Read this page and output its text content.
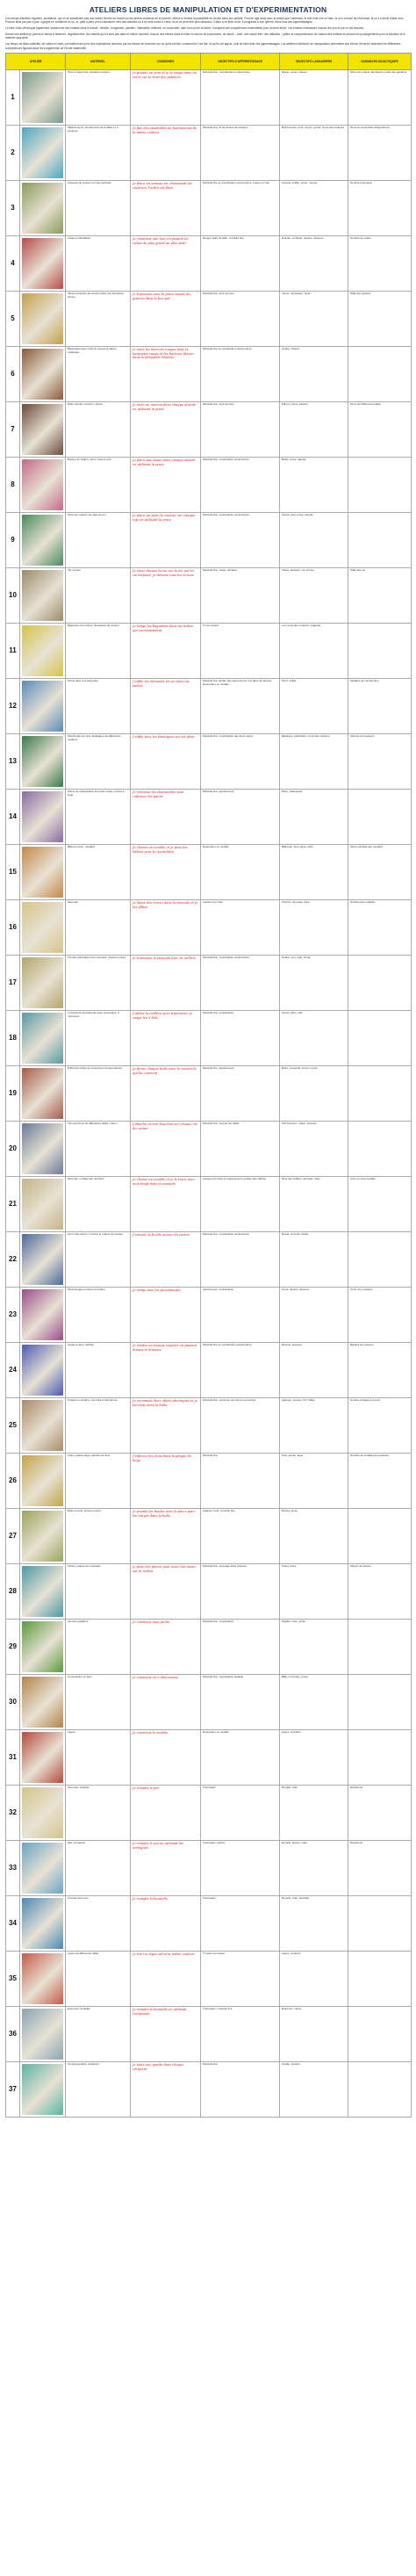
ATELIERS LIBRES DE MANIPULATION ET D'EXPERIMENTATION

Ces temps d'ateliers réguliers, quotidiens, qui ne se substituent pas aux autres formes de travail sur les autres moments de la journée, offrent à l'enfant la possibilité de choisir dans son activité. Pouvoir agir alors avec le travail que l'intéresse, le suit s'est une si l'aise, là où il a envie de l'entraîner, là où il a envie d'aller seul. Pouvoir ainsi par pas à pas, il gagne en confiance en lui, et, petit à petit, peut s'aventurer vers des activités où il se sent moins à l'aise, là où ce peut être plus laborieux. Grâce à ce libre choix, il progresse à son rythme, dans tous ses apprentissages.

Le libre choix développe également l'autonomie des enfants dans le travail : décider, s'organiser, planifier, l'intensifier, réfléchir, se concentrer, aller au bout de la tâche. Il acquiert des compétences essentielles pour devenir élève. Les enfants choisissent chacun leur jeu et par un les besoins.

Durant ces ateliers je prends le temps d'observer, régulièrement, les enfants qui ne sont pas dans le même moment, chacun des élèves dans le mise en œuvre de procédures, de savoir – faire, des savoir-être, des attitudes ; j'affine la compréhension de chacun des enfants et prévois les prolongements pour la situation et le matériel approprié.

Les temps de bilan collectifs, de mises en mots, permettent aux jeux des explications données par les élèves de recentrer sur ce qu'ils ont fait, comment ils l'ont fait, ce qu'ils ont appris, puis de faire avec les apprentissages. Les ateliers individuels de manipulation permettent aux élèves d'exercer aisément les différentes compétences figurant dans les programmes de l'école maternelle.

ATELIER		MATERIEL	CONSIGNES	OBJECTIFS D'APPRENTISSAGE	OBJECTIFS LANGAGIERS	VARIABLES DIDACTIQUES
1		Pions à tiges bois. Gobelets couleur	Je prends un pion et je la range dans un verre sur le bord des gobelets	Motricité fine. Coordination oculomotrice	Placer, poser, enlever	Pions de couleur identiques à celle des gobelets
2		Matériel de tri, bonhommes de 3 tailles et 3 couleurs	Je fais des ensembles de bonhommes de la même couleur	Motricité fine, tri de formes de couleurs	Bonhommes, petit, moyen, grand, noms des couleurs	Noms et ensembles d'algorithmes
3		Anneaux de couleur sur tige verticale	Je place un anneau en choisissant les couleurs, l'ordre est libre	Motricité fine et coordination oculomotrice, repérer et trier	Anneau, enfiler, entrer, monter	Nombre d'anneaux
4		Cubes emboîtables	Je construis une tour en posant les cubes de plus grand au plus petit	Ranger selon la taille, motricité fine	Empiler, emboîter, dessus, dessous	Nombre de cubes
5		Vases compotes de couleur dans une barquette, pinces	Je transvase avec la pince toutes les graines dans le bon pot	Motricité fine, tenir la pince	Verser, transvaser, pince	Taille des graines
6		Barquettes avec haricots rouges et blancs mélangés	Je mets les haricots rouges dans la barquette rouge et les haricots blancs dans la barquette blanche	Motricité fine et coordination oculomotrice	Graine, haricot	
7		Boîte d'œufs, marrons, pinces	Je mets un marron dans chaque alvéole en utilisant la pince	Motricité fine, tenir la pince	Marron, pince, alvéole	Pince de différentes tailles
8		Boules de cotillon, pince, boîte à œuf	Je place une boule dans chaque alvéole en utilisant la pince	Motricité fine, coordination oculomotrice	Boule, pince, alvéole	
9		Pions de couleur sur tiges de jeu	Je place un pion de couleur sur chaque tige en utilisant la pince	Motricité fine, coordination oculomotrice	Grand, petit, pince, alvéole	
10		Vis, écrous	Je visse chaque écrou sur la vis qui lui correspond. Je dévisse tous les écrous	Motricité fine, visser, dévisser	Visser, dévisser, vis, écrous	Taille des vis
11		Baguettes de couleur, barquettes de couleur	Je range les baguettes dans les boîtes qui correspondent	Tri de couleur	Les noms des couleurs, baguette	
12		Picots dans une barquette	J'enfile les éléments les un dans les autres	Motricité fine (enfiler des éléments les uns dans les autres). Reproduire un modèle	Picot, enfiler	Modèles de construction
13		Planchettes de bois, élastiques de différentes couleurs	J'enfile tous les élastiques sur les plots	Motricité fine, coordination des deux mains	Élastique, planchette, noms des couleurs	Alterner les couleurs
14		Paires de chaussettes de toutes sortes, pinces à linge	Je retrouve les chaussettes pour reformer les paires	Motricité fine, appariement	Paire, chaussette	
15		Bâtons et lien, modèles	Je choisis un modèle et je pose les bâtons pour le reproduire	Reproduire un modèle	Bâtonnet, bout, ligne, entre	Varier l'échelle des modèles
16		Semoule	Je laisse des traces dans la semoule et je les efface	Laisser une trace	Chemin, semoule, trace	Nombre des modèles
17		2 boîtes identiques avec semoule, grosses pinces	Je transvase la semoule avec la cuillère	Motricité fine, coordination oculomotrice	Graine, trou, pain, chose	
18		3 récipients transparents avec couvercles, 3 morceaux	J'utilise la cuillère pour transvaser, je range les 3 bols	Motricité fine, coordination	Verser, plein, vide	
19		Différents boîtes et couvercles correspondants	Je ferme chaque boîte avec le couvercle qui lui convient	Motricité fine, appariement	Boîte, couvercle, fermer, ouvrir	
20		Tire-bouchons de différentes tailles, carton	J'attache un tire-bouchon sur chaque vis du carton	Motricité fine, repérer les tailles	Tire-bouchon, visser, dévisser	
21		Semoule, modèle des numéros	Je choisis un modèle et je le trace avec mon doigt dans la semoule	Laisser une trace et représenter le graphe des chiffres	Nom des chiffres, semoule, trace	Avec ou sans modèle
22		Gros tube carton, 2 carrés et rubans de couleur	J'enroule la ficelle autour du carton	Motricité fine, coordination oculomotrice	Nœud, enrouler, ficelle	
23		Personnages porteurs à couleur	Je range tous les personnages	Appariement, coordination	Lacet, dessus, dessous	Choix des couleurs
24		Cartes à lacer, bandes	Je réalise un tissage régulier en passant dessus et dessous	Motricité fine et coordination oculomotrice	Dessus, dessous	Bandes de couleurs
25		8 objets en double, une boîte à fond fermé	Je reconnais deux objets identiques et je les mets dans la boîte	Motricité fine, percevoir une forme au toucher	Appuyer, presser, fort, faible	Nombre d'objets à trouver
26		Clous, plaque liège, planche de bois	J'enfonce les clous dans la plaque de liège	Motricité fine	Clou, pointe, taper	Nombre de modèles à reproduire
27		Boîte à œufs, pinces à sucre	Je prends les boules avec la pince pour les ranger dans la boîte	Adapter l'outil, motricité fine	Boules, pince	
28		Fiches, plaque de mosaïque	Je pose des pièces pour avoir des vases sur le carton	Motricité fine, repérage dans l'espace	Poser, pièce	Aligner les pièces
29		Jeu des papillons	Je construis mon jardin	Motricité fine, coordination	Papillon, fleur, jardin	
30		Construction en bois	Je construis en 3 dimensions	Motricité fine, organisation spatiale	Bâtir, construire, poser	
31		Légos	Je construis le modèle	Reproduire un modèle	Légos, emboîter	
32		Semoule, récipient	Je remplis le pot	Transvaser	Remplir, vider	Récipients
33		Eau, seringues	Je remplis le pot en utilisant les seringues	Transvaser, aspirer	Remplir, aspirer, vider	Récipients
34		Cuvette avec eau	Je remplis la bouteille	Transvaser	Remplir, vider, bouteille	
35		Légos de différentes tailles	Je trie les légos selon la même couleur	Tri selon la couleur	Légos, couleurs	
36		Entonnoir, bouteille	Je remplis la bouteille en utilisant l'entonnoir	Transvaser, motricité fine	Entonnoir, verser	
37		Compte-gouttes, récipients	Je mets une goutte dans chaque récipient	Motricité fine	Goutte, presser	
